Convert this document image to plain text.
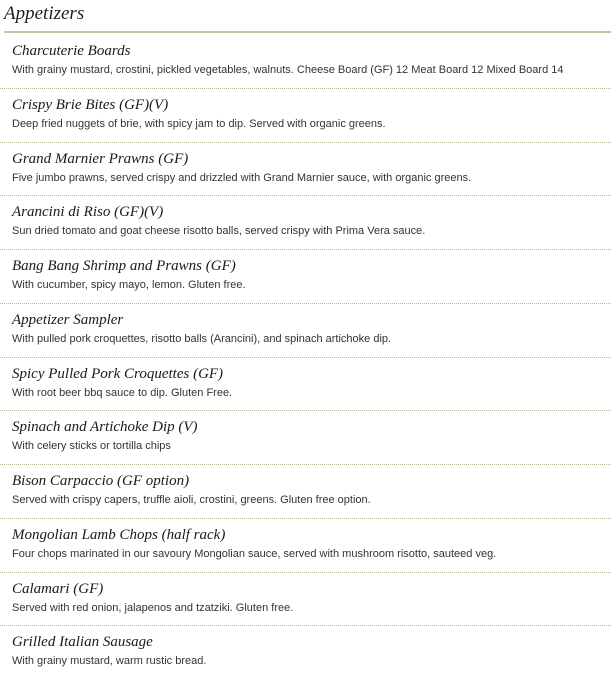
Appetizers
Charcuterie Boards
With grainy mustard, crostini, pickled vegetables, walnuts. Cheese Board (GF) 12 Meat Board 12 Mixed Board 14
Crispy Brie Bites (GF)(V)
Deep fried nuggets of brie, with spicy jam to dip. Served with organic greens.
Grand Marnier Prawns (GF)
Five jumbo prawns, served crispy and drizzled with Grand Marnier sauce, with organic greens.
Arancini di Riso (GF)(V)
Sun dried tomato and goat cheese risotto balls, served crispy with Prima Vera sauce.
Bang Bang Shrimp and Prawns (GF)
With cucumber, spicy mayo, lemon. Gluten free.
Appetizer Sampler
With pulled pork croquettes, risotto balls (Arancini), and spinach artichoke dip.
Spicy Pulled Pork Croquettes (GF)
With root beer bbq sauce to dip. Gluten Free.
Spinach and Artichoke Dip (V)
With celery sticks or tortilla chips
Bison Carpaccio (GF option)
Served with crispy capers, truffle aioli, crostini, greens. Gluten free option.
Mongolian Lamb Chops (half rack)
Four chops marinated in our savoury Mongolian sauce, served with mushroom risotto, sauteed veg.
Calamari (GF)
Served with red onion, jalapenos and tzatziki. Gluten free.
Grilled Italian Sausage
With grainy mustard, warm rustic bread.
